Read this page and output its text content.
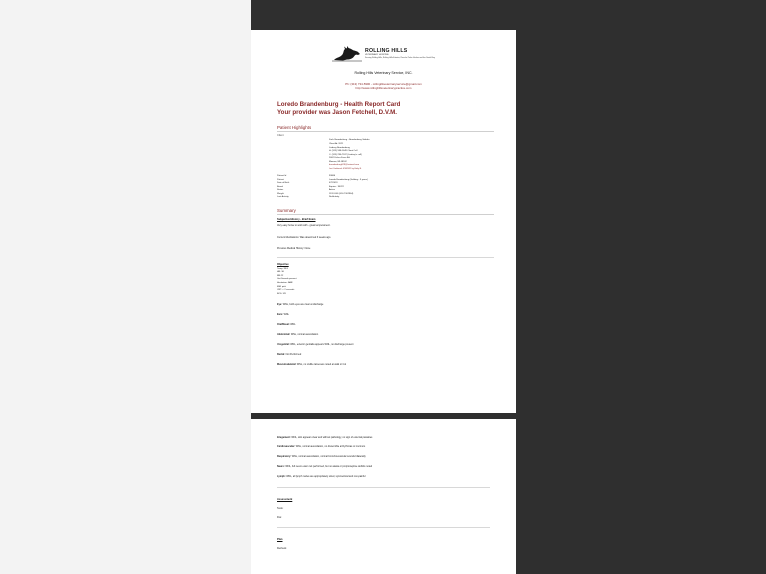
ROLLING HILLS
VETERINARY HOSPITAL
Serving Rolling Hills, Rolling Hills Estates, Rancho Palos Verdes and the South Bay
Rolling Hills Veterinary Service, INC.
Ph: (313) 734-5900 - rollingillsveterinaryservice@gmail.com
http://www.rollinghillsveterinarypractice.com
Loredo Brandenburg - Health Report Card
Your provider was Jason Fetchell, D.V.M.
Patient Highlights
Client
Zach Brandenburg - Brandenburg Stables
Client At: 2021
Lindsey Brandenburg
H: (313) 598-1649 Client Cell
C: (313) 296-7187 (Lindsey's cell)
2602 Fisher Farm Rd
Monroe, MI 48162
brandenburg629@hotmail.com
Last Confirmed: 6/10/2021 by Kathy B.
Patient Id	93086
Patient	Loredo Brandenburg (Gelding - 3 years)
Date of Birth	6/7/2019
Breed	Equine - 96222
Status	Active
Weight	1120 LBS (516.7302964)
Last Activity	No Activity
Summary
Subjective/History - Brief Exam
Very easy horse to work with - great temperament.
Current Medications: Was dewormed 3 weeks ago.
Previous Medical History: None
Objective
Temp: 99.8
HR: 36
RR:22
Gut Sounds present
Hesitation: BAR
MM: pink
CRT: < 2 seconds
BCS: 5/9
Eye: WNL, both eyes are clear at discharge
Ears: WNL
Oral/Nasal: WNL
Abdominal: WNL, normal auscultation
Urogenital: WNL, exterior genitalia appears WNL, no discharge present
Rectal: Not Performed
Musculoskeletal: WNL, no visible lameness noted at walk or trot
Integument: WNL, skin appears clear and without pathology, no sign of external parasites
Cardiovascular: WNL, normal auscultation, no discernible arrhythmias or murmurs
Respiratory: WNL, normal auscultation, normal bronchovesicular sounds bilaterally
Neuro: WNL, full neuro exam not performed, but no ataxia or proprioceptive deficits noted
Lymph: WNL, all lymph nodes are appropriately sized, symmetrical and non-painful
Assessment
Tests:
Dxs:
Plan
Recheck
